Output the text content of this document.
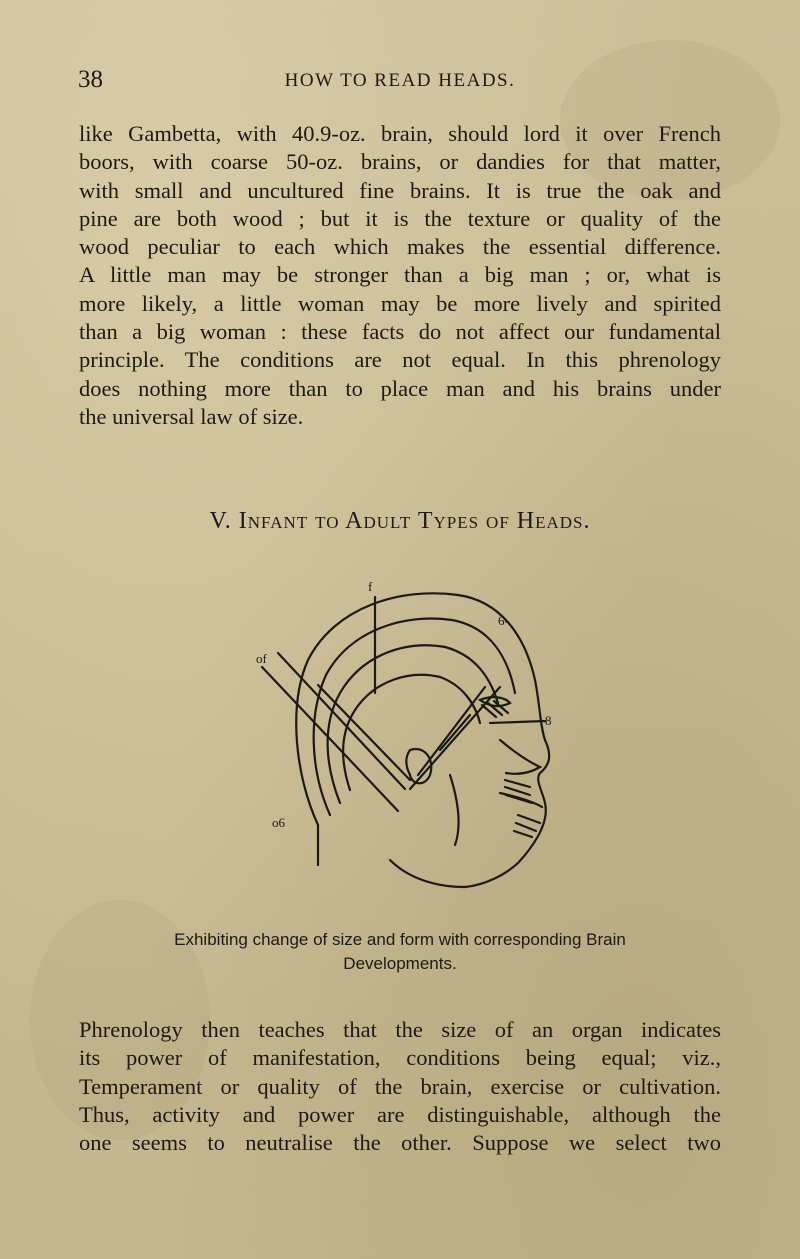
38	HOW TO READ HEADS.
like Gambetta, with 40.9-oz. brain, should lord it over French
boors, with coarse 50-oz. brains, or dandies for that matter,
with small and uncultured fine brains. It is true the oak and
pine are both wood ; but it is the texture or quality of the
wood peculiar to each which makes the essential difference.
A little man may be stronger than a big man ; or, what is
more likely, a little woman may be more lively and spirited
than a big woman : these facts do not affect our fundamental
principle. The conditions are not equal. In this phrenology
does nothing more than to place man and his brains under
the universal law of size.
V. Infant to Adult Types of Heads.
of
f
6-
8
o6
Exhibiting change of size and form with corresponding Brain
Developments.
Phrenology then teaches that the size of an organ indicates
its power of manifestation, conditions being equal; viz.,
Temperament or quality of the brain, exercise or cultivation.
Thus, activity and power are distinguishable, although the
one seems to neutralise the other. Suppose we select two
